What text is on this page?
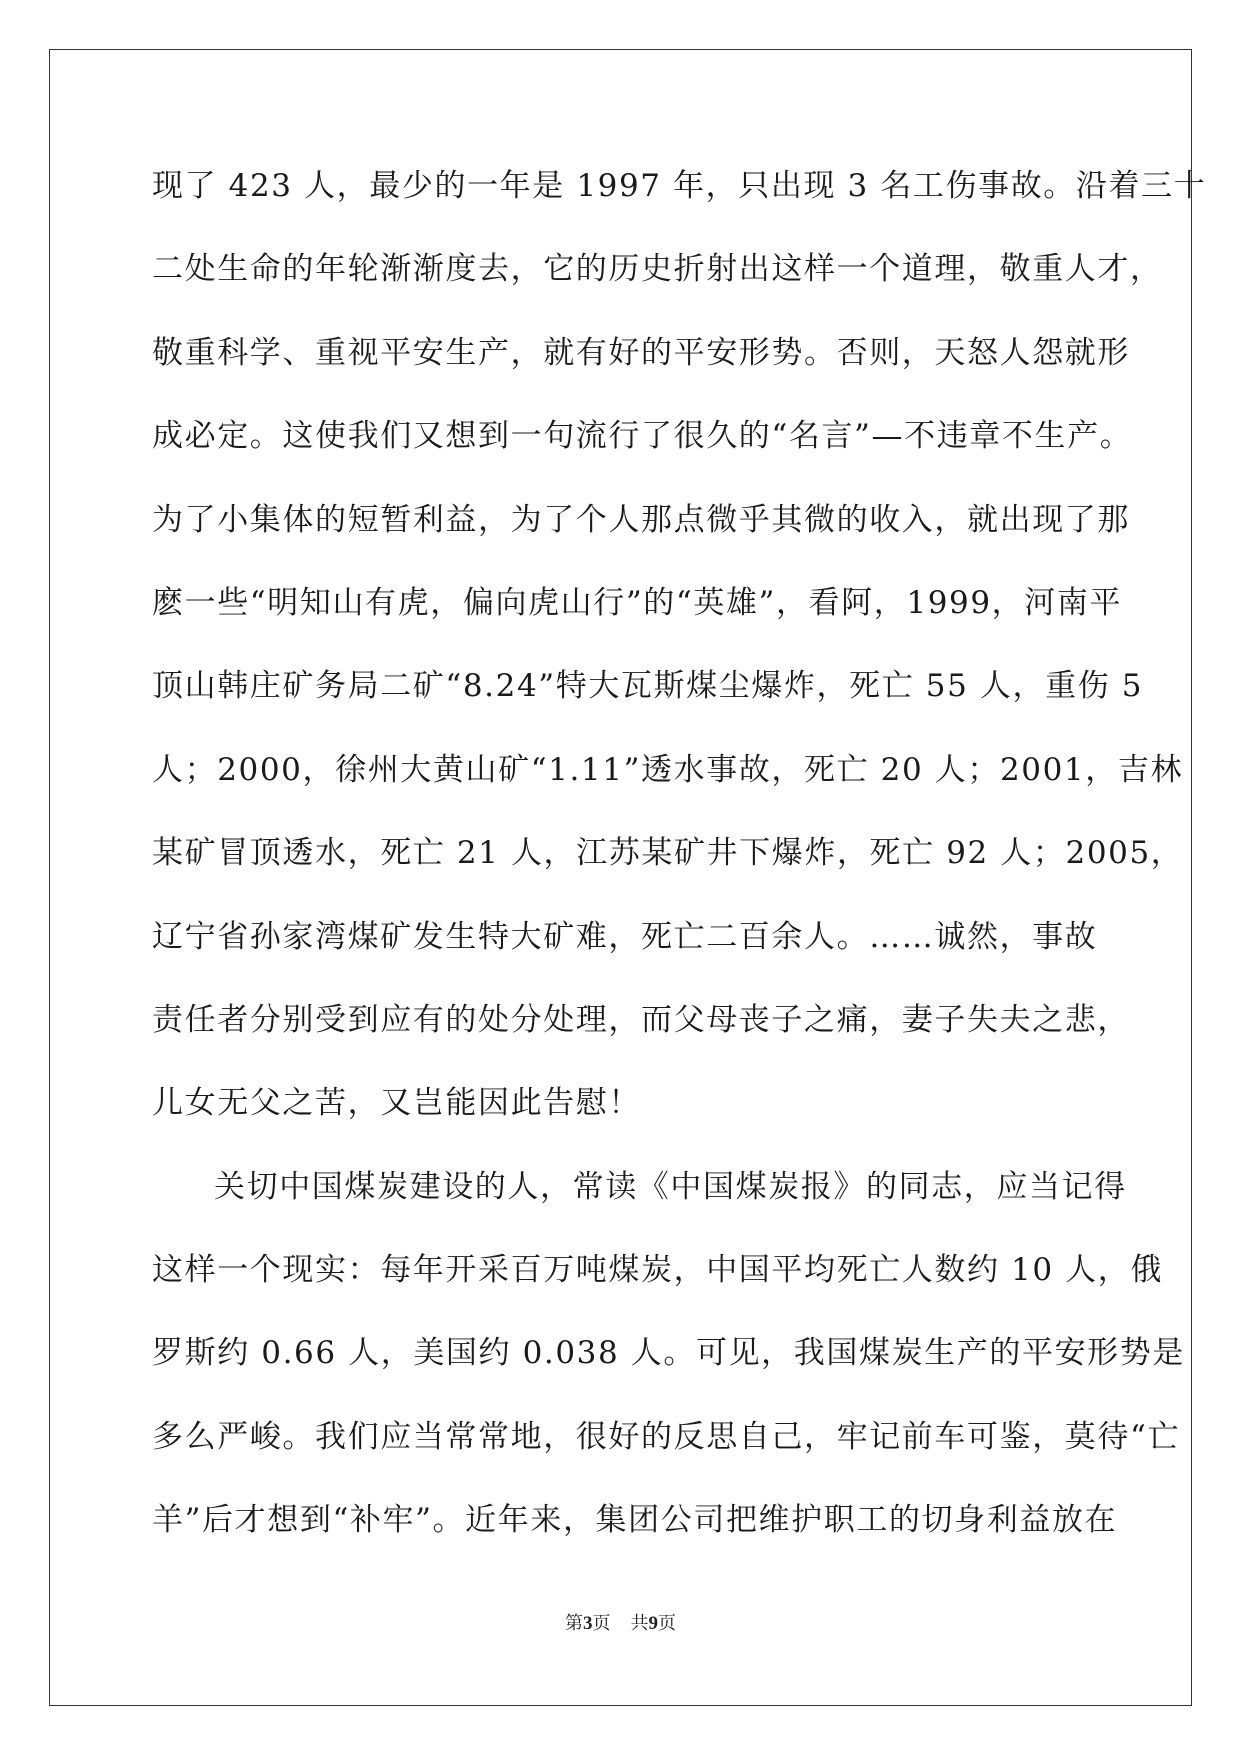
现了 423 人，最少的一年是 1997 年，只出现 3 名工伤事故。沿着三十
二处生命的年轮渐渐度去，它的历史折射出这样一个道理，敬重人才，
敬重科学、重视平安生产，就有好的平安形势。否则，天怒人怨就形
成必定。这使我们又想到一句流行了很久的“名言”—不违章不生产。
为了小集体的短暂利益，为了个人那点微乎其微的收入，就出现了那
麽一些“明知山有虎，偏向虎山行”的“英雄”，看阿，1999，河南平
顶山韩庄矿务局二矿“8.24”特大瓦斯煤尘爆炸，死亡 55 人，重伤 5
人；2000，徐州大黄山矿“1.11”透水事故，死亡 20 人；2001，吉林
某矿冒顶透水，死亡 21 人，江苏某矿井下爆炸，死亡 92 人；2005，
辽宁省孙家湾煤矿发生特大矿难，死亡二百余人。……诚然，事故
责任者分别受到应有的处分处理，而父母丧子之痛，妻子失夫之悲，
儿女无父之苦，又岂能因此告慰！
关切中国煤炭建设的人，常读《中国煤炭报》的同志，应当记得
这样一个现实：每年开采百万吨煤炭，中国平均死亡人数约 10 人，俄
罗斯约 0.66 人，美国约 0.038 人。可见，我国煤炭生产的平安形势是
多么严峻。我们应当常常地，很好的反思自己，牢记前车可鉴，莫待“亡
羊”后才想到“补牢”。近年来，集团公司把维护职工的切身利益放在
第3页 共9页
